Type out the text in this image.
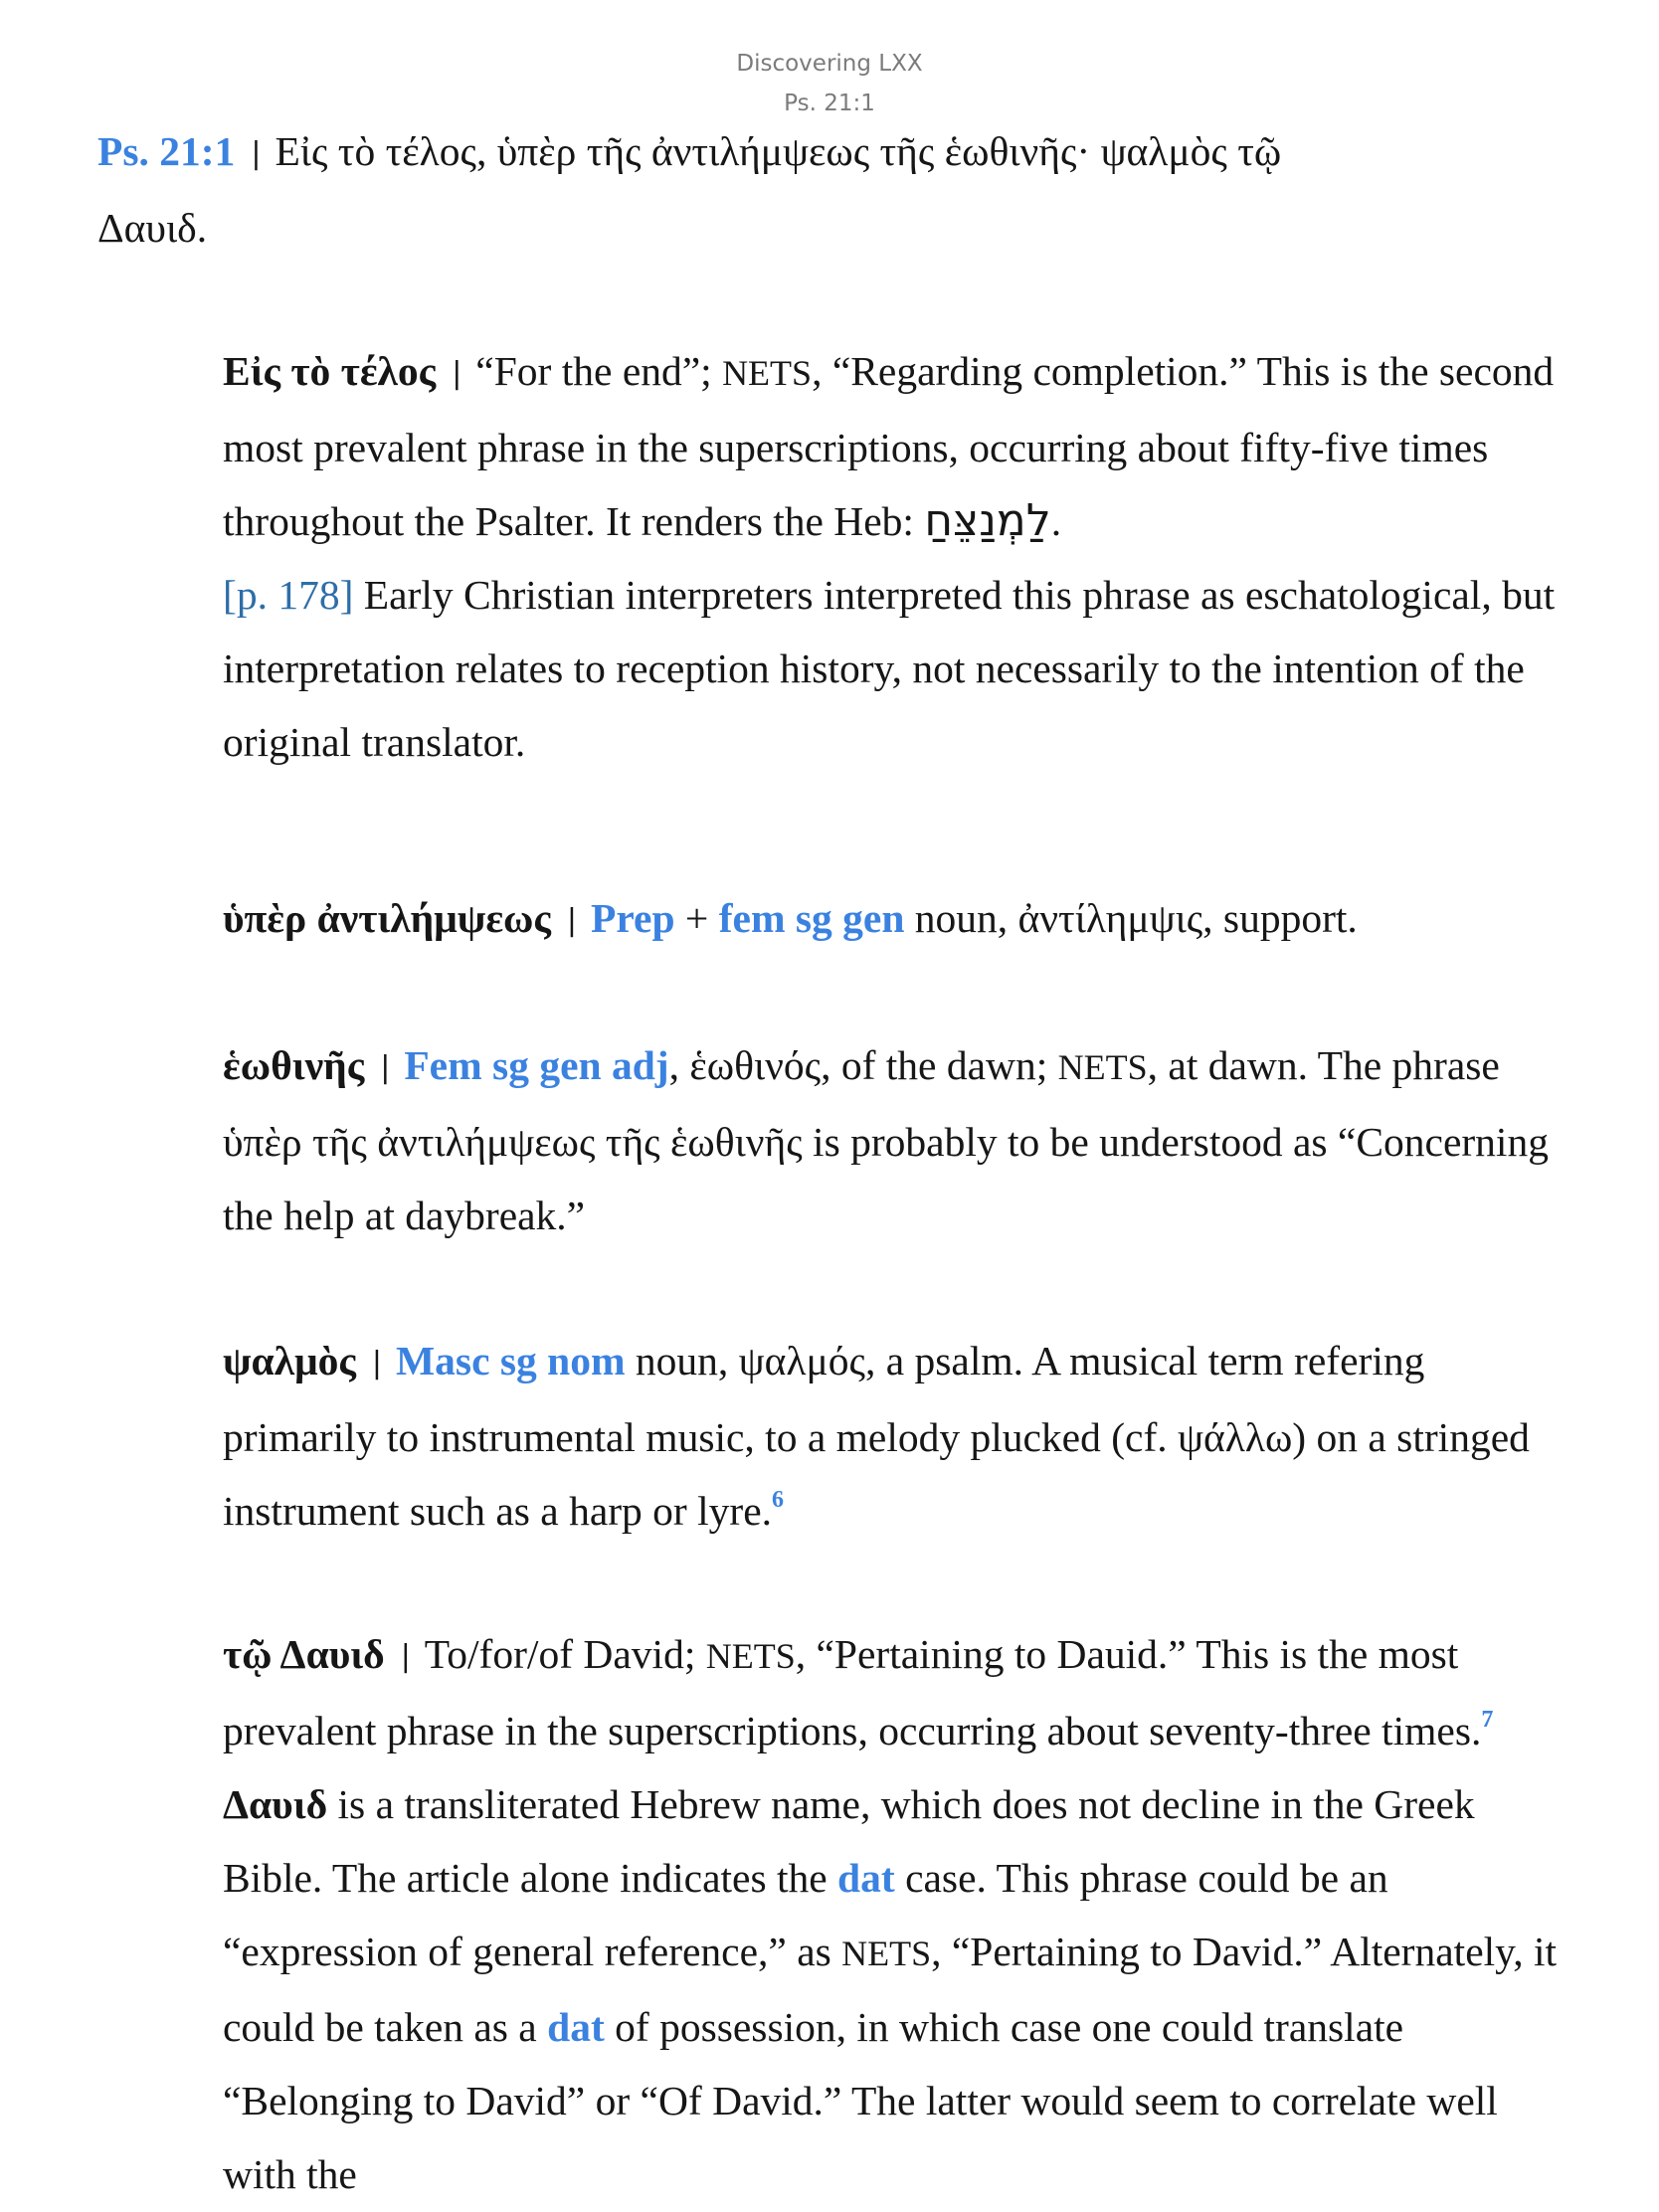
Discovering LXX
Ps. 21:1
Ps. 21:1 | Εἰς τὸ τέλος, ὑπὲρ τῆς ἀντιλήμψεως τῆς ἑωθινῆς· ψαλμὸς τῷ
Δαυιδ.
Εἰς τὸ τέλος | “For the end”; NETS, “Regarding completion.” This is the second most prevalent phrase in the superscriptions, occurring about fifty-five times throughout the Psalter. It renders the Heb: לַמְנַצֵּחַ.
[p. 178] Early Christian interpreters interpreted this phrase as eschatological, but interpretation relates to reception history, not necessarily to the intention of the original translator.
ὑπὲρ ἀντιλήμψεως | Prep + fem sg gen noun, ἀντίλημψις, support.
ἑωθινῆς | Fem sg gen adj, ἑωθινός, of the dawn; NETS, at dawn. The phrase ὑπὲρ τῆς ἀντιλήμψεως τῆς ἑωθινῆς is probably to be understood as “Concerning the help at daybreak.”
ψαλμὸς | Masc sg nom noun, ψαλμός, a psalm. A musical term refering primarily to instrumental music, to a melody plucked (cf. ψάλλω) on a stringed instrument such as a harp or lyre.$^6$
τῷ Δαυιδ | To/for/of David; NETS, “Pertaining to Dauid.” This is the most prevalent phrase in the superscriptions, occurring about seventy-three times.$^7$ Δαυιδ is a transliterated Hebrew name, which does not decline in the Greek Bible. The article alone indicates the dat case. This phrase could be an “expression of general reference,” as NETS, “Pertaining to David.” Alternately, it could be taken as a dat of possession, in which case one could translate “Belonging to David” or “Of David.” The latter would seem to correlate well with the
